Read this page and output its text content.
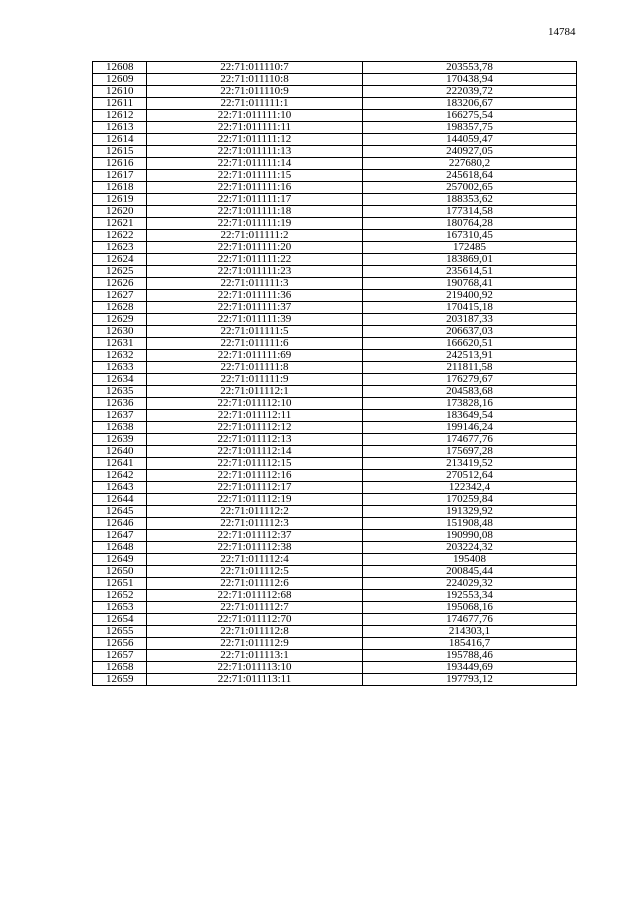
14784
12608	22:71:011110:7	203553,78
12609	22:71:011110:8	170438,94
12610	22:71:011110:9	222039,72
12611	22:71:011111:1	183206,67
12612	22:71:011111:10	166275,54
12613	22:71:011111:11	198357,75
12614	22:71:011111:12	144059,47
12615	22:71:011111:13	240927,05
12616	22:71:011111:14	227680,2
12617	22:71:011111:15	245618,64
12618	22:71:011111:16	257002,65
12619	22:71:011111:17	188353,62
12620	22:71:011111:18	177314,58
12621	22:71:011111:19	180764,28
12622	22:71:011111:2	167310,45
12623	22:71:011111:20	172485
12624	22:71:011111:22	183869,01
12625	22:71:011111:23	235614,51
12626	22:71:011111:3	190768,41
12627	22:71:011111:36	219400,92
12628	22:71:011111:37	170415,18
12629	22:71:011111:39	203187,33
12630	22:71:011111:5	206637,03
12631	22:71:011111:6	166620,51
12632	22:71:011111:69	242513,91
12633	22:71:011111:8	211811,58
12634	22:71:011111:9	176279,67
12635	22:71:011112:1	204583,68
12636	22:71:011112:10	173828,16
12637	22:71:011112:11	183649,54
12638	22:71:011112:12	199146,24
12639	22:71:011112:13	174677,76
12640	22:71:011112:14	175697,28
12641	22:71:011112:15	213419,52
12642	22:71:011112:16	270512,64
12643	22:71:011112:17	122342,4
12644	22:71:011112:19	170259,84
12645	22:71:011112:2	191329,92
12646	22:71:011112:3	151908,48
12647	22:71:011112:37	190990,08
12648	22:71:011112:38	203224,32
12649	22:71:011112:4	195408
12650	22:71:011112:5	200845,44
12651	22:71:011112:6	224029,32
12652	22:71:011112:68	192553,34
12653	22:71:011112:7	195068,16
12654	22:71:011112:70	174677,76
12655	22:71:011112:8	214303,1
12656	22:71:011112:9	185416,7
12657	22:71:011113:1	195788,46
12658	22:71:011113:10	193449,69
12659	22:71:011113:11	197793,12
